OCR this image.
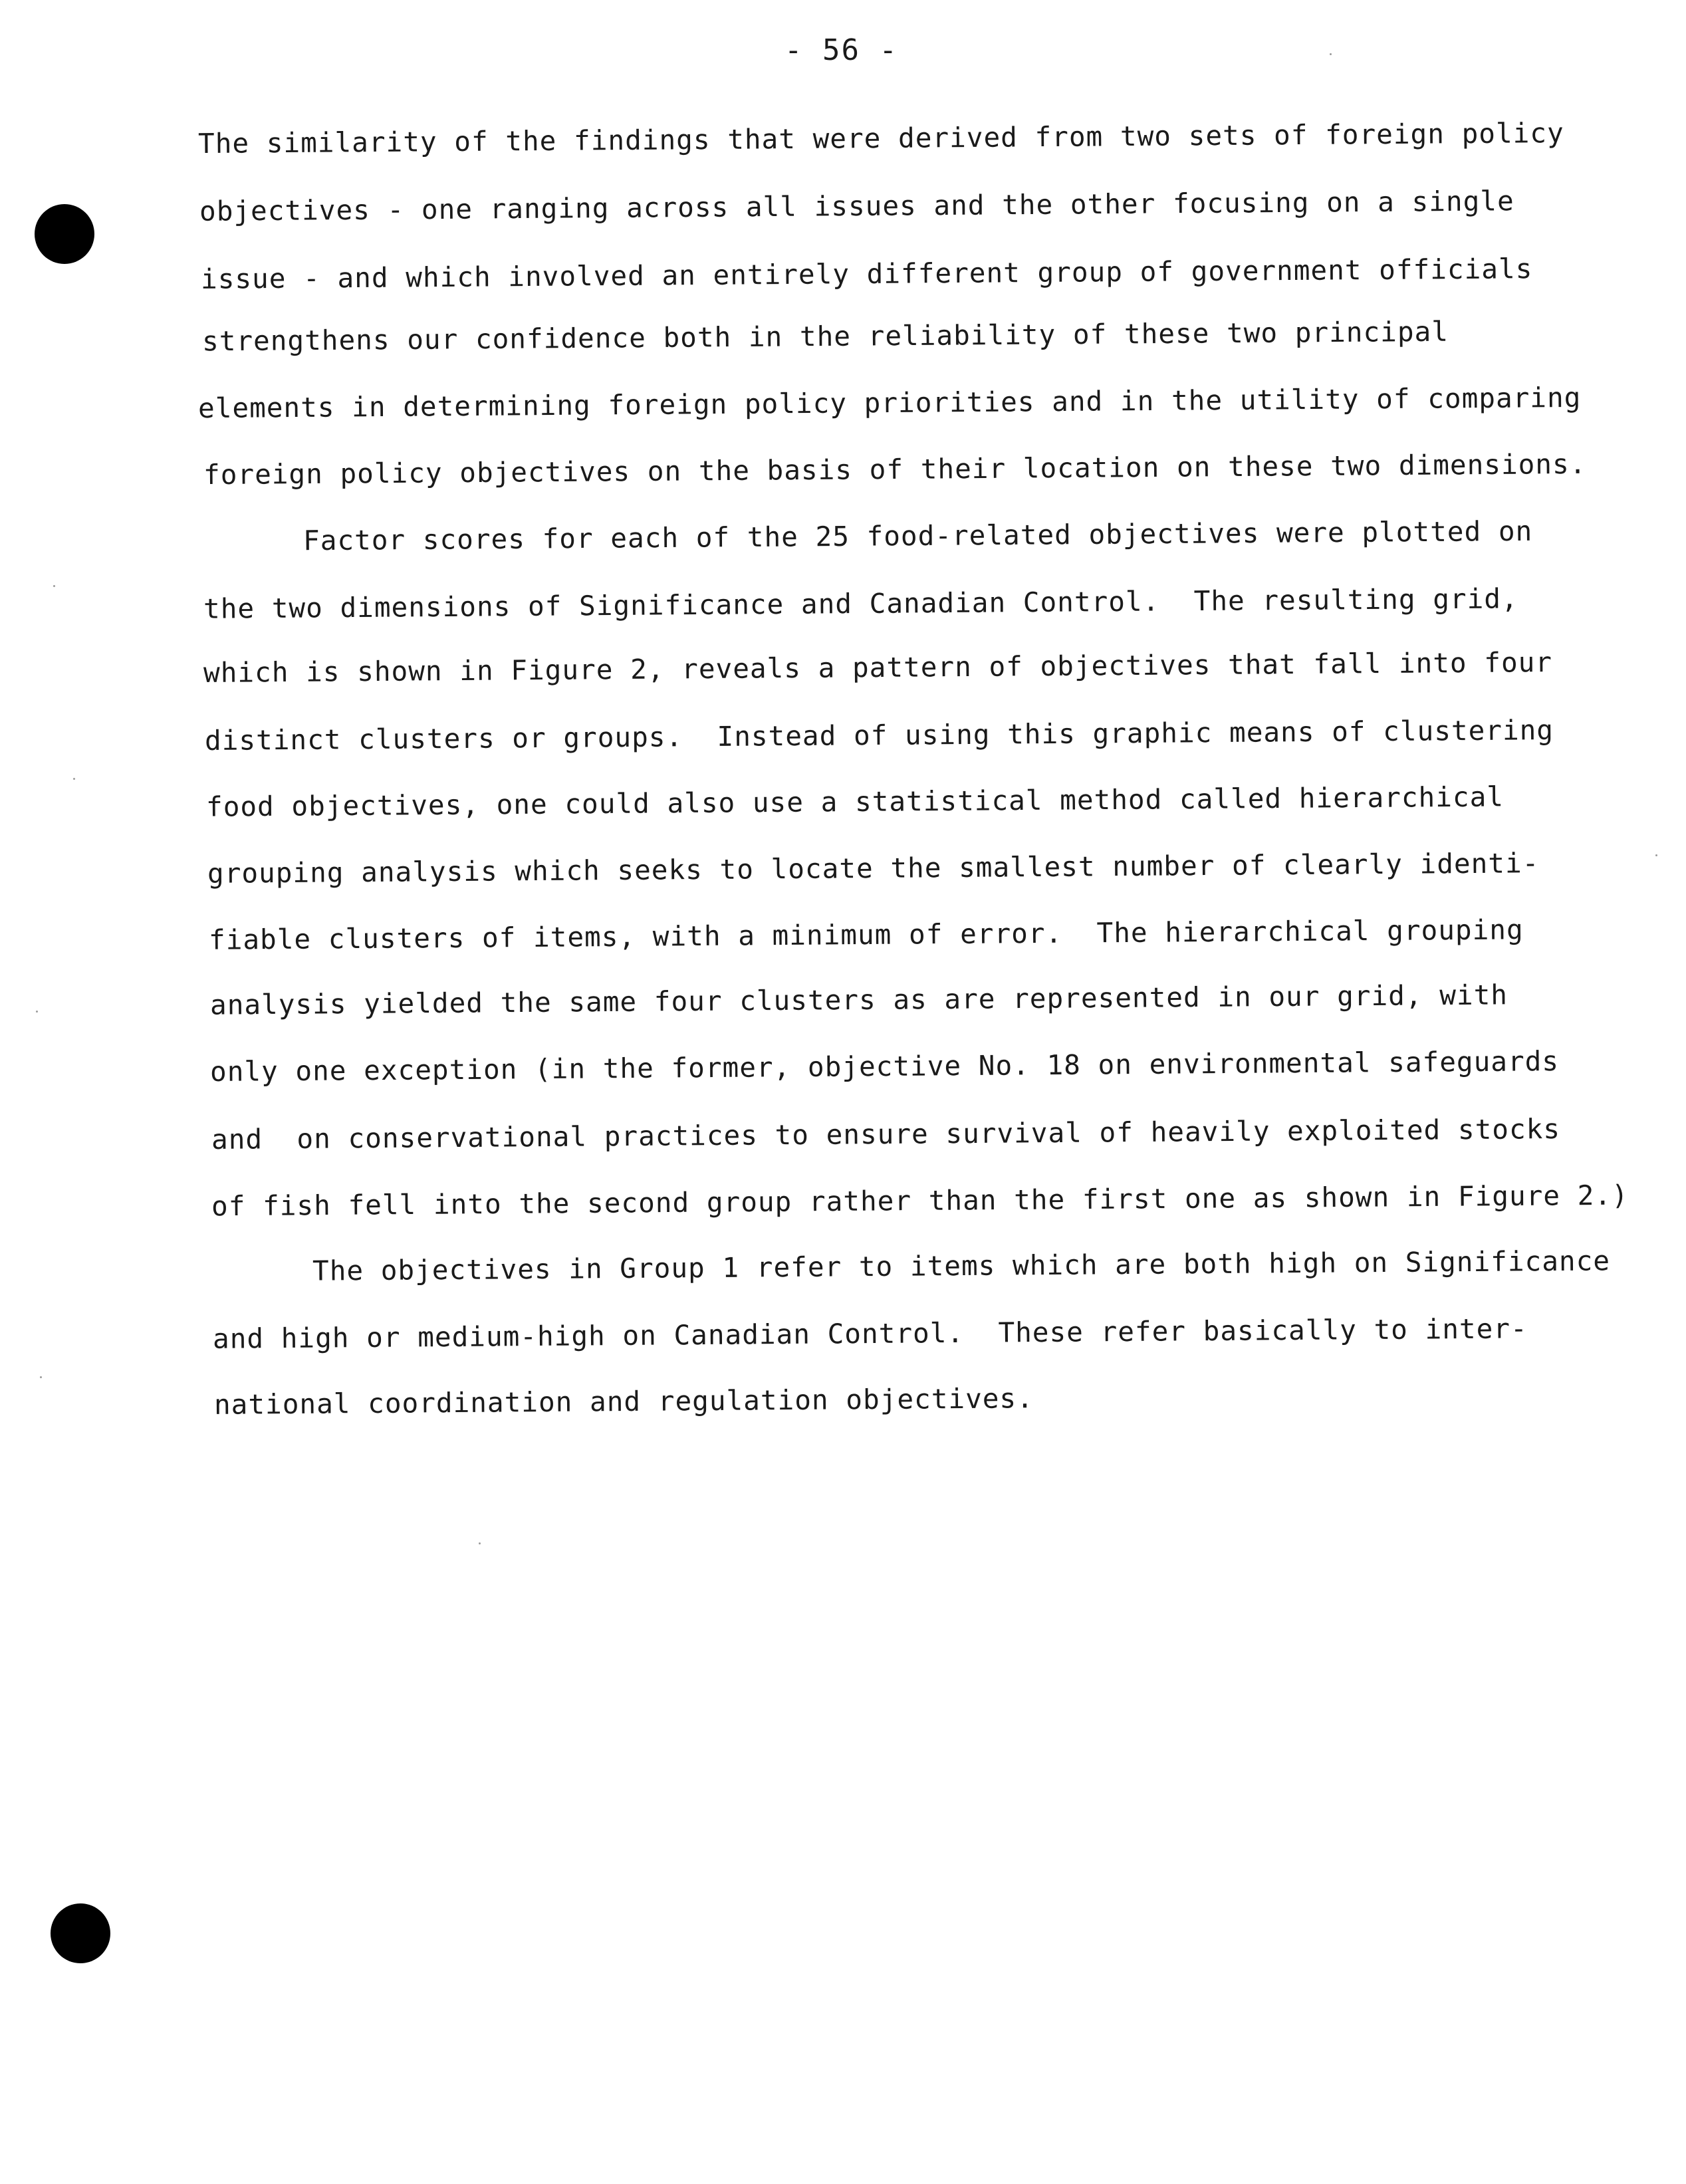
- 56 -
The similarity of the findings that were derived from two sets of foreign policy
objectives - one ranging across all issues and the other focusing on a single
issue - and which involved an entirely different group of government officials
strengthens our confidence both in the reliability of these two principal
elements in determining foreign policy priorities and in the utility of comparing
foreign policy objectives on the basis of their location on these two dimensions.
Factor scores for each of the 25 food-related objectives were plotted on
the two dimensions of Significance and Canadian Control.  The resulting grid,
which is shown in Figure 2, reveals a pattern of objectives that fall into four
distinct clusters or groups.  Instead of using this graphic means of clustering
food objectives, one could also use a statistical method called hierarchical
grouping analysis which seeks to locate the smallest number of clearly identi-
fiable clusters of items, with a minimum of error.  The hierarchical grouping
analysis yielded the same four clusters as are represented in our grid, with
only one exception (in the former, objective No. 18 on environmental safeguards
and  on conservational practices to ensure survival of heavily exploited stocks
of fish fell into the second group rather than the first one as shown in Figure 2.)
The objectives in Group 1 refer to items which are both high on Significance
and high or medium-high on Canadian Control.  These refer basically to inter-
national coordination and regulation objectives.
